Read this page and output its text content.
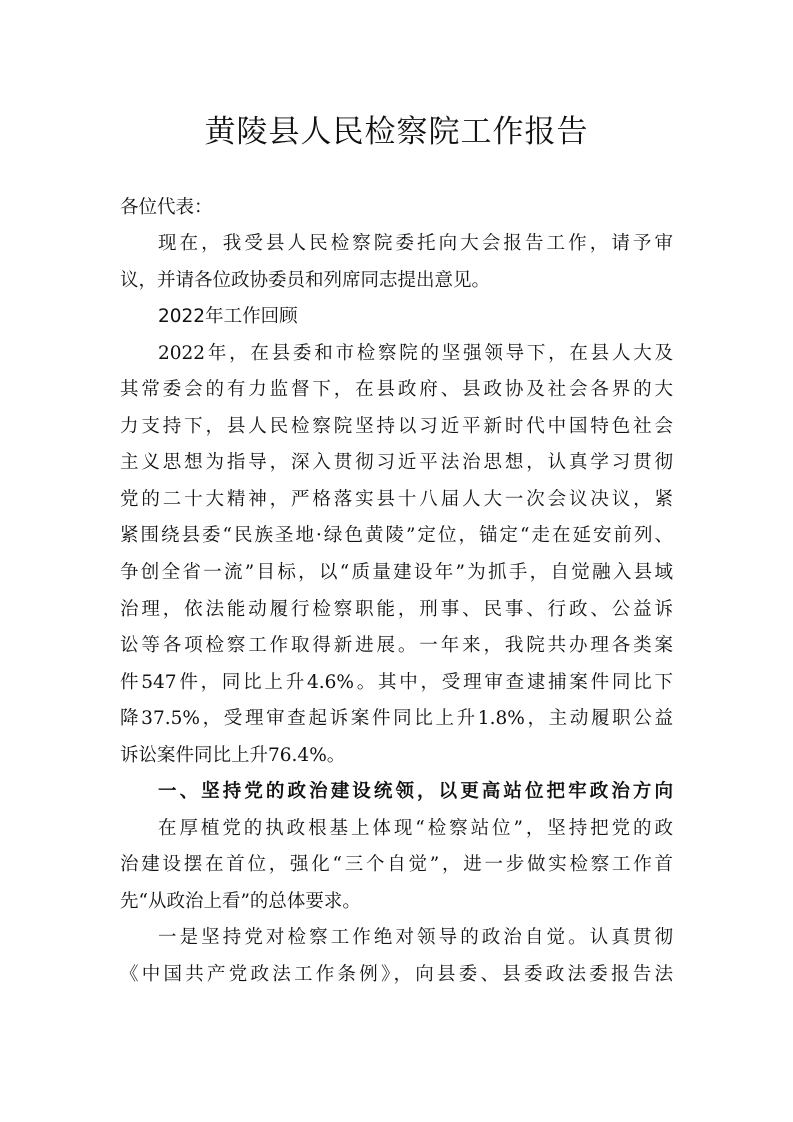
黄陵县人民检察院工作报告
各位代表：
现在，我受县人民检察院委托向大会报告工作，请予审
议，并请各位政协委员和列席同志提出意见。
2022年工作回顾
2022年，在县委和市检察院的坚强领导下，在县人大及
其常委会的有力监督下，在县政府、县政协及社会各界的大
力支持下，县人民检察院坚持以习近平新时代中国特色社会
主义思想为指导，深入贯彻习近平法治思想，认真学习贯彻
党的二十大精神，严格落实县十八届人大一次会议决议，紧
紧围绕县委“民族圣地·绿色黄陵”定位，锚定“走在延安前列、
争创全省一流”目标，以“质量建设年”为抓手，自觉融入县域
治理，依法能动履行检察职能，刑事、民事、行政、公益诉
讼等各项检察工作取得新进展。一年来，我院共办理各类案
件547件，同比上升4.6%。其中，受理审查逮捕案件同比下
降37.5%，受理审查起诉案件同比上升1.8%，主动履职公益
诉讼案件同比上升76.4%。
一、坚持党的政治建设统领，以更高站位把牢政治方向
在厚植党的执政根基上体现“检察站位”，坚持把党的政
治建设摆在首位，强化“三个自觉”，进一步做实检察工作首
先“从政治上看”的总体要求。
一是坚持党对检察工作绝对领导的政治自觉。认真贯彻
《中国共产党政法工作条例》，向县委、县委政法委报告法
